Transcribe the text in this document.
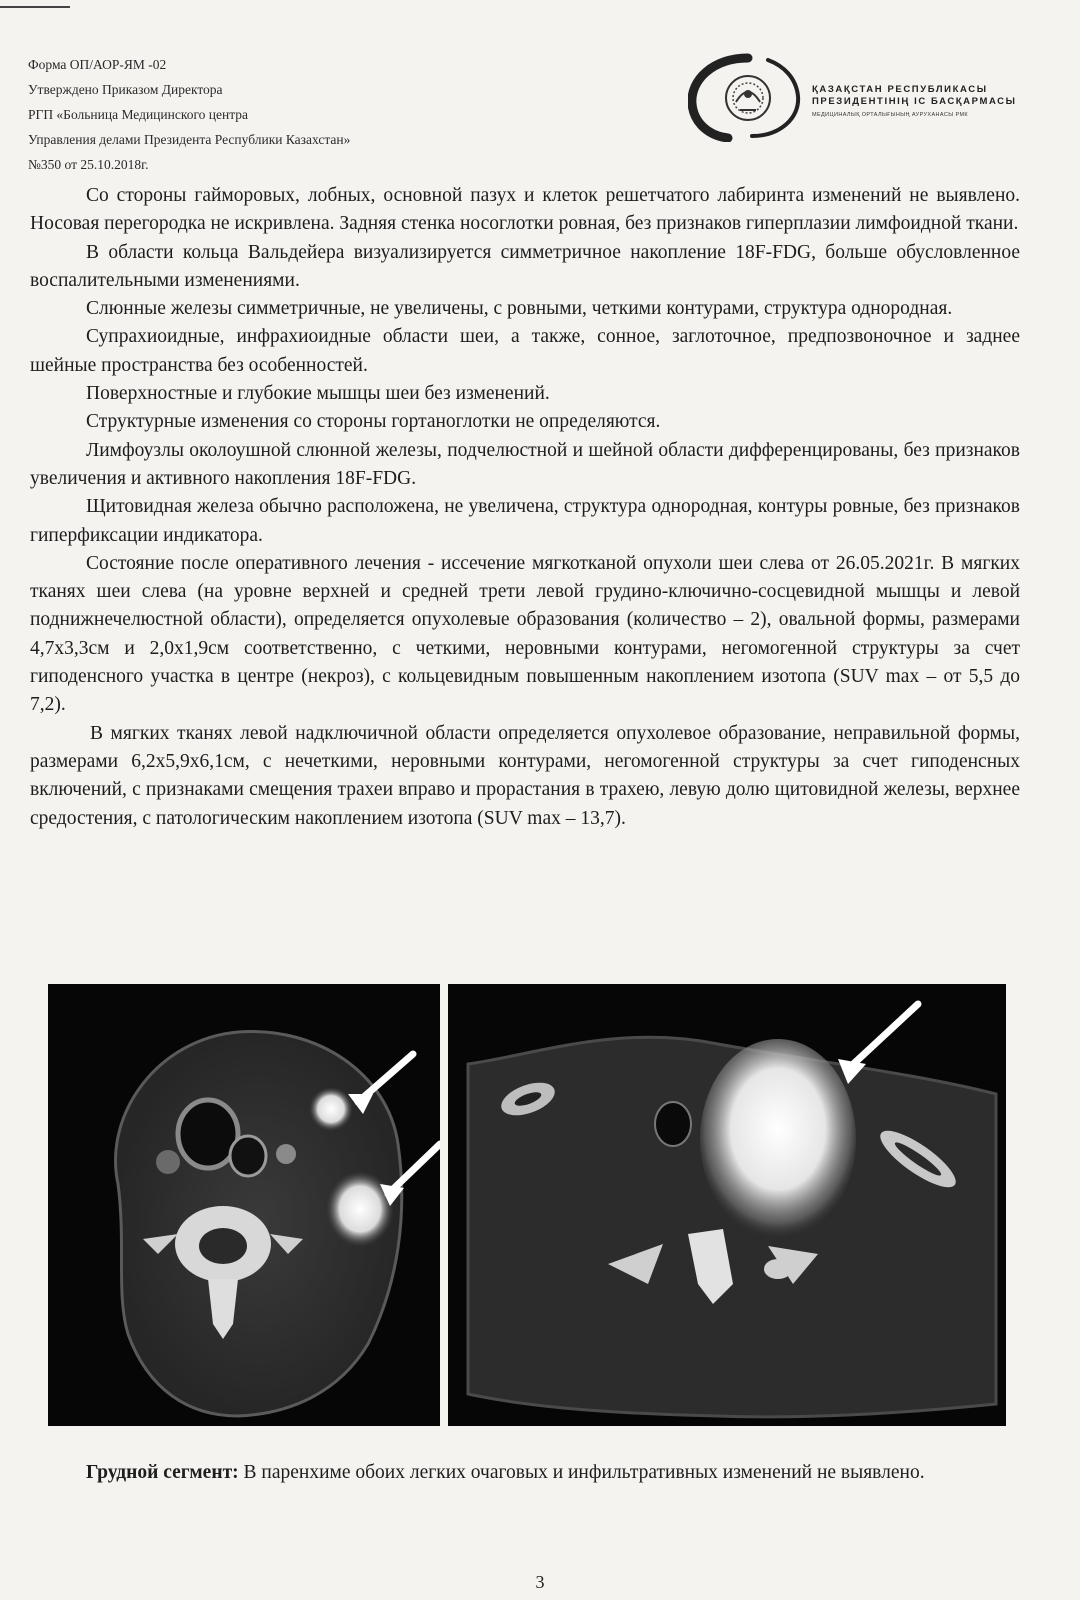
Форма ОП/АОР-ЯМ -02
Утверждено Приказом Директора
РГП «Больница Медицинского центра
Управления делами Президента Республики Казахстан»
№350 от 25.10.2018г.
ҚАЗАҚСТАН РЕСПУБЛИКАСЫ
ПРЕЗИДЕНТІНІҢ ІС БАСҚАРМАСЫ
МЕДИЦИНАЛЫҚ ОРТАЛЫҒЫНЫҢ АУРУХАНАСЫ РМК

Со стороны гайморовых, лобных, основной пазух и клеток решетчатого лабиринта изменений не выявлено. Носовая перегородка не искривлена. Задняя стенка носоглотки ровная, без признаков гиперплазии лимфоидной ткани.

В области кольца Вальдейера визуализируется симметричное накопление 18F-FDG, больше обусловленное воспалительными изменениями.

Слюнные железы симметричные, не увеличены, с ровными, четкими контурами, структура однородная.

Супрахиоидные, инфрахиоидные области шеи, а также, сонное, заглоточное, предпозвоночное и заднее шейные пространства без особенностей.

Поверхностные и глубокие мышцы шеи без изменений.

Структурные изменения со стороны гортаноглотки не определяются.

Лимфоузлы околоушной слюнной железы, подчелюстной и шейной области дифференцированы, без признаков увеличения и активного накопления 18F-FDG.

Щитовидная железа обычно расположена, не увеличена, структура однородная, контуры ровные, без признаков гиперфиксации индикатора.

Состояние после оперативного лечения - иссечение мягкотканой опухоли шеи слева от 26.05.2021г. В мягких тканях шеи слева (на уровне верхней и средней трети левой грудино-ключично-сосцевидной мышцы и левой поднижнечелюстной области), определяется опухолевые образования (количество – 2), овальной формы, размерами 4,7х3,3см и 2,0х1,9см соответственно, с четкими, неровными контурами, негомогенной структуры за счет гиподенсного участка в центре (некроз), с кольцевидным повышенным накоплением изотопа (SUV max – от 5,5 до 7,2).

В мягких тканях левой надключичной области определяется опухолевое образование, неправильной формы, размерами 6,2х5,9х6,1см, с нечеткими, неровными контурами, негомогенной структуры за счет гиподенсных включений, с признаками смещения трахеи вправо и прорастания в трахею, левую долю щитовидной железы, верхнее средостения, с патологическим накоплением изотопа (SUV max – 13,7).

Грудной сегмент: В паренхиме обоих легких очаговых и инфильтративных изменений не выявлено.

3
